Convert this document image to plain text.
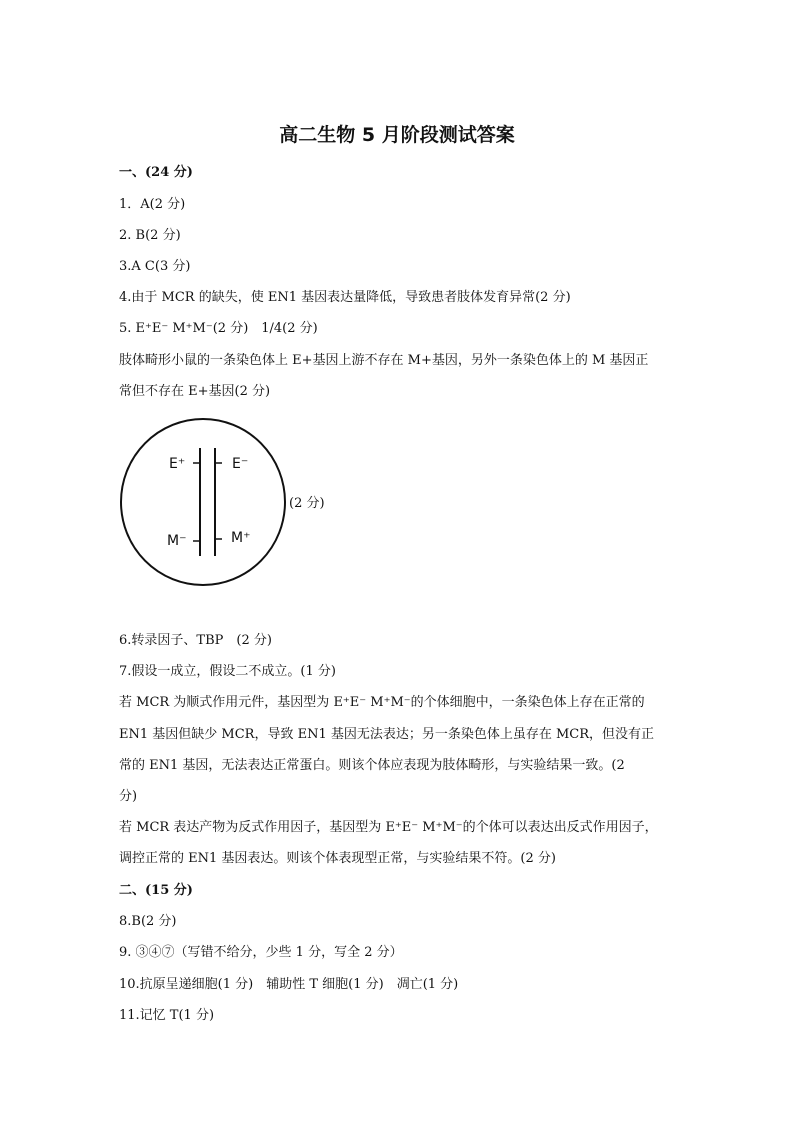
高二生物 5 月阶段测试答案
一、(24 分)
1．A(2 分)
2. B(2 分)
3.A C(3 分)
4.由于 MCR 的缺失，使 EN1 基因表达量降低，导致患者肢体发育异常(2 分)
5. E⁺E⁻ M⁺M⁻(2 分)　1/4(2 分)
肢体畸形小鼠的一条染色体上 E+基因上游不存在 M+基因，另外一条染色体上的 M 基因正
常但不存在 E+基因(2 分)
E⁺	E⁻
M⁻	M⁺
(2 分)
6.转录因子、TBP　(2 分)
7.假设一成立，假设二不成立。(1 分)
若 MCR 为顺式作用元件，基因型为 E⁺E⁻ M⁺M⁻的个体细胞中，一条染色体上存在正常的
EN1 基因但缺少 MCR，导致 EN1 基因无法表达；另一条染色体上虽存在 MCR，但没有正
常的 EN1 基因，无法表达正常蛋白。则该个体应表现为肢体畸形，与实验结果一致。(2
分)
若 MCR 表达产物为反式作用因子，基因型为 E⁺E⁻ M⁺M⁻的个体可以表达出反式作用因子，
调控正常的 EN1 基因表达。则该个体表现型正常，与实验结果不符。(2 分)
二、(15 分)
8.B(2 分)
9. ③④⑦（写错不给分，少些 1 分，写全 2 分）
10.抗原呈递细胞(1 分)　辅助性 T 细胞(1 分)　凋亡(1 分)
11.记忆 T(1 分)
